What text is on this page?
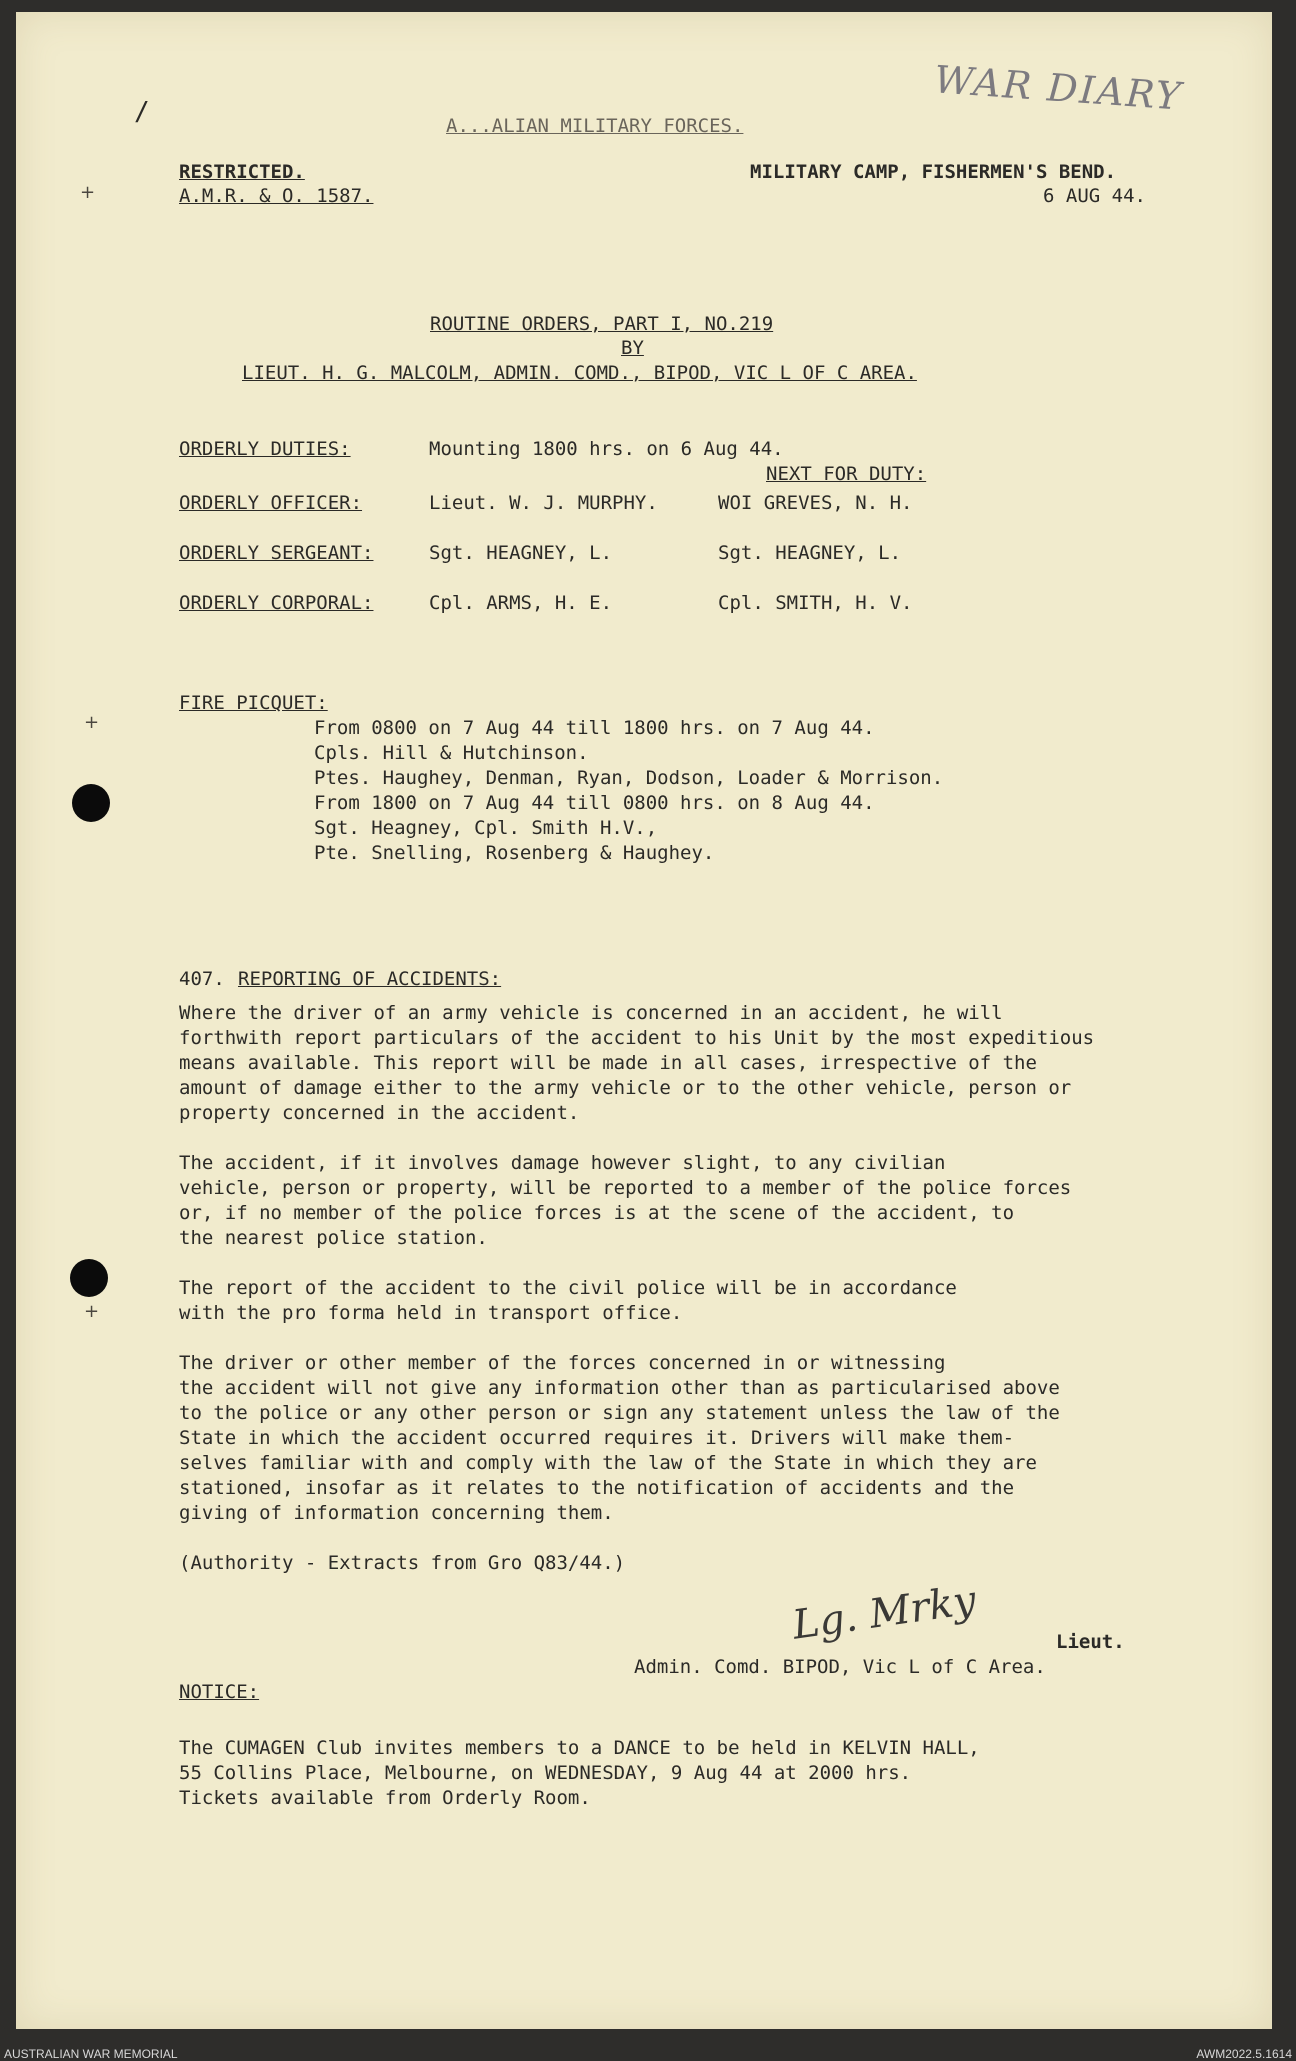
WAR DIARY
+
+
+
/	A...ALIAN MILITARY FORCES.
RESTRICTED.
A.M.R. & O. 1587.
MILITARY CAMP, FISHERMEN'S BEND.
6 AUG 44.
ROUTINE ORDERS, PART I, NO.219
BY
LIEUT. H. G. MALCOLM, ADMIN. COMD., BIPOD, VIC L OF C AREA.
ORDERLY DUTIES:	Mounting 1800 hrs. on 6 Aug 44.
NEXT FOR DUTY:
ORDERLY OFFICER:	Lieut. W. J. MURPHY.	WOI GREVES, N. H.
ORDERLY SERGEANT:	Sgt. HEAGNEY, L.	Sgt. HEAGNEY, L.
ORDERLY CORPORAL:	Cpl. ARMS, H. E.	Cpl. SMITH, H. V.
FIRE PICQUET:
From 0800 on 7 Aug 44 till 1800 hrs. on 7 Aug 44.
Cpls. Hill & Hutchinson.
Ptes. Haughey, Denman, Ryan, Dodson, Loader & Morrison.
From 1800 on 7 Aug 44 till 0800 hrs. on 8 Aug 44.
Sgt. Heagney, Cpl. Smith H.V.,
Pte. Snelling, Rosenberg & Haughey.
407. REPORTING OF ACCIDENTS:

Where the driver of an army vehicle is concerned in an accident, he will

forthwith report particulars of the accident to his Unit by the most expeditious

means available. This report will be made in all cases, irrespective of the

amount of damage either to the army vehicle or to the other vehicle, person or

property concerned in the accident.

The accident, if it involves damage however slight, to any civilian

vehicle, person or property, will be reported to a member of the police forces

or, if no member of the police forces is at the scene of the accident, to

the nearest police station.

The report of the accident to the civil police will be in accordance

with the pro forma held in transport office.

The driver or other member of the forces concerned in or witnessing

the accident will not give any information other than as particularised above

to the police or any other person or sign any statement unless the law of the

State in which the accident occurred requires it. Drivers will make them-

selves familiar with and comply with the law of the State in which they are

stationed, insofar as it relates to the notification of accidents and the

giving of information concerning them.

(Authority - Extracts from Gro Q83/44.)
Lg. Mrky	Lieut.
Admin. Comd. BIPOD, Vic L of C Area.
NOTICE:
The CUMAGEN Club invites members to a DANCE to be held in KELVIN HALL,
55 Collins Place, Melbourne, on WEDNESDAY, 9 Aug 44 at 2000 hrs.
Tickets available from Orderly Room.
AUSTRALIAN WAR MEMORIAL	AWM2022.5.1614
